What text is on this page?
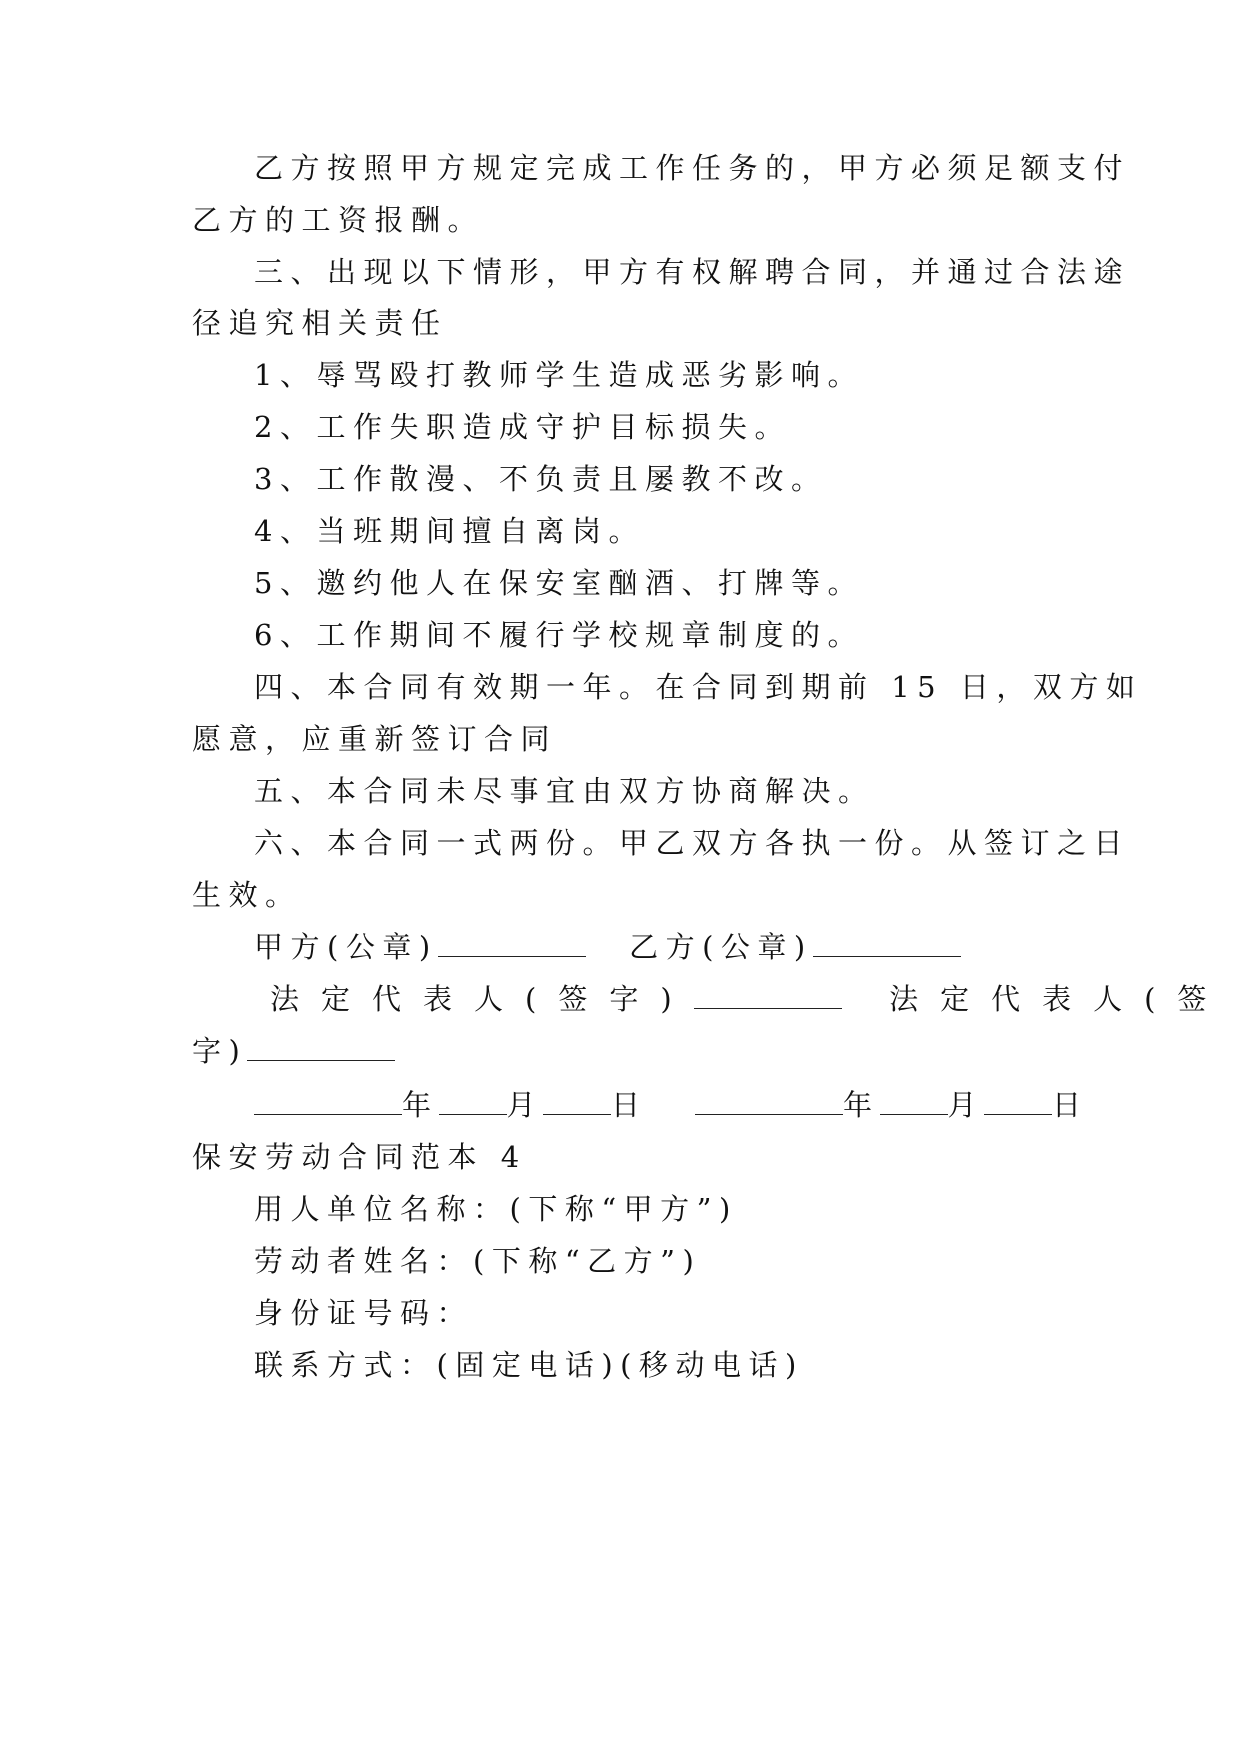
乙方按照甲方规定完成工作任务的，甲方必须足额支付
乙方的工资报酬。
三、出现以下情形，甲方有权解聘合同，并通过合法途
径追究相关责任
1、辱骂殴打教师学生造成恶劣影响。
2、工作失职造成守护目标损失。
3、工作散漫、不负责且屡教不改。
4、当班期间擅自离岗。
5、邀约他人在保安室酗酒、打牌等。
6、工作期间不履行学校规章制度的。
四、本合同有效期一年。在合同到期前 15 日，双方如
愿意，应重新签订合同
五、本合同未尽事宜由双方协商解决。
六、本合同一式两份。甲乙双方各执一份。从签订之日
生效。
甲方(公章)	乙方(公章)
法定代表人(签字)	法定代表人(签
字)
年 月 日	年 月 日
保安劳动合同范本 4
用人单位名称：(下称“甲方”)
劳动者姓名：(下称“乙方”)
身份证号码：
联系方式：(固定电话)(移动电话)
